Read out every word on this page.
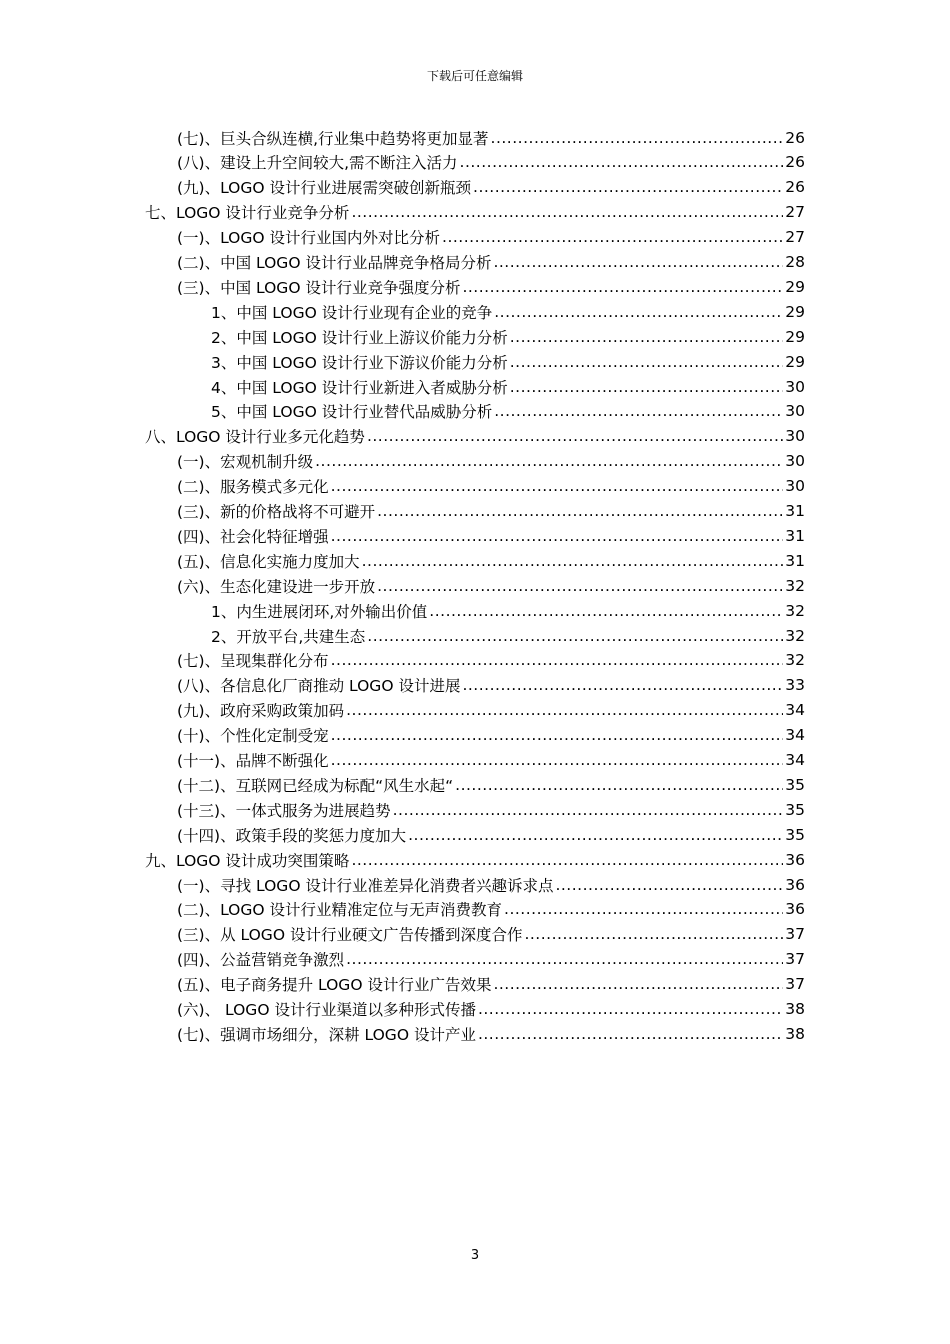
下载后可任意编辑
(七)、巨头合纵连横,行业集中趋势将更加显著 .....	26
(八)、建设上升空间较大,需不断注入活力 .....	26
(九)、LOGO 设计行业进展需突破创新瓶颈 .....	26
七、LOGO 设计行业竞争分析 .....	27
(一)、LOGO 设计行业国内外对比分析 .....	27
(二)、中国 LOGO 设计行业品牌竞争格局分析 .....	28
(三)、中国 LOGO 设计行业竞争强度分析 .....	29
1、中国 LOGO 设计行业现有企业的竞争 .....	29
2、中国 LOGO 设计行业上游议价能力分析 .....	29
3、中国 LOGO 设计行业下游议价能力分析 .....	29
4、中国 LOGO 设计行业新进入者威胁分析 .....	30
5、中国 LOGO 设计行业替代品威胁分析 .....	30
八、LOGO 设计行业多元化趋势 .....	30
(一)、宏观机制升级 .....	30
(二)、服务模式多元化 .....	30
(三)、新的价格战将不可避开 .....	31
(四)、社会化特征增强 .....	31
(五)、信息化实施力度加大 .....	31
(六)、生态化建设进一步开放 .....	32
1、内生进展闭环,对外输出价值 .....	32
2、开放平台,共建生态 .....	32
(七)、呈现集群化分布 .....	32
(八)、各信息化厂商推动 LOGO 设计进展 .....	33
(九)、政府采购政策加码 .....	34
(十)、个性化定制受宠 .....	34
(十一)、品牌不断强化 .....	34
(十二)、互联网已经成为标配“风生水起“ .....	35
(十三)、一体式服务为进展趋势 .....	35
(十四)、政策手段的奖惩力度加大 .....	35
九、LOGO 设计成功突围策略 .....	36
(一)、寻找 LOGO 设计行业准差异化消费者兴趣诉求点 .....	36
(二)、LOGO 设计行业精准定位与无声消费教育 .....	36
(三)、从 LOGO 设计行业硬文广告传播到深度合作 .....	37
(四)、公益营销竞争激烈 .....	37
(五)、电子商务提升 LOGO 设计行业广告效果 .....	37
(六)、 LOGO 设计行业渠道以多种形式传播 .....	38
(七)、强调市场细分，深耕 LOGO 设计产业 .....	38
3
